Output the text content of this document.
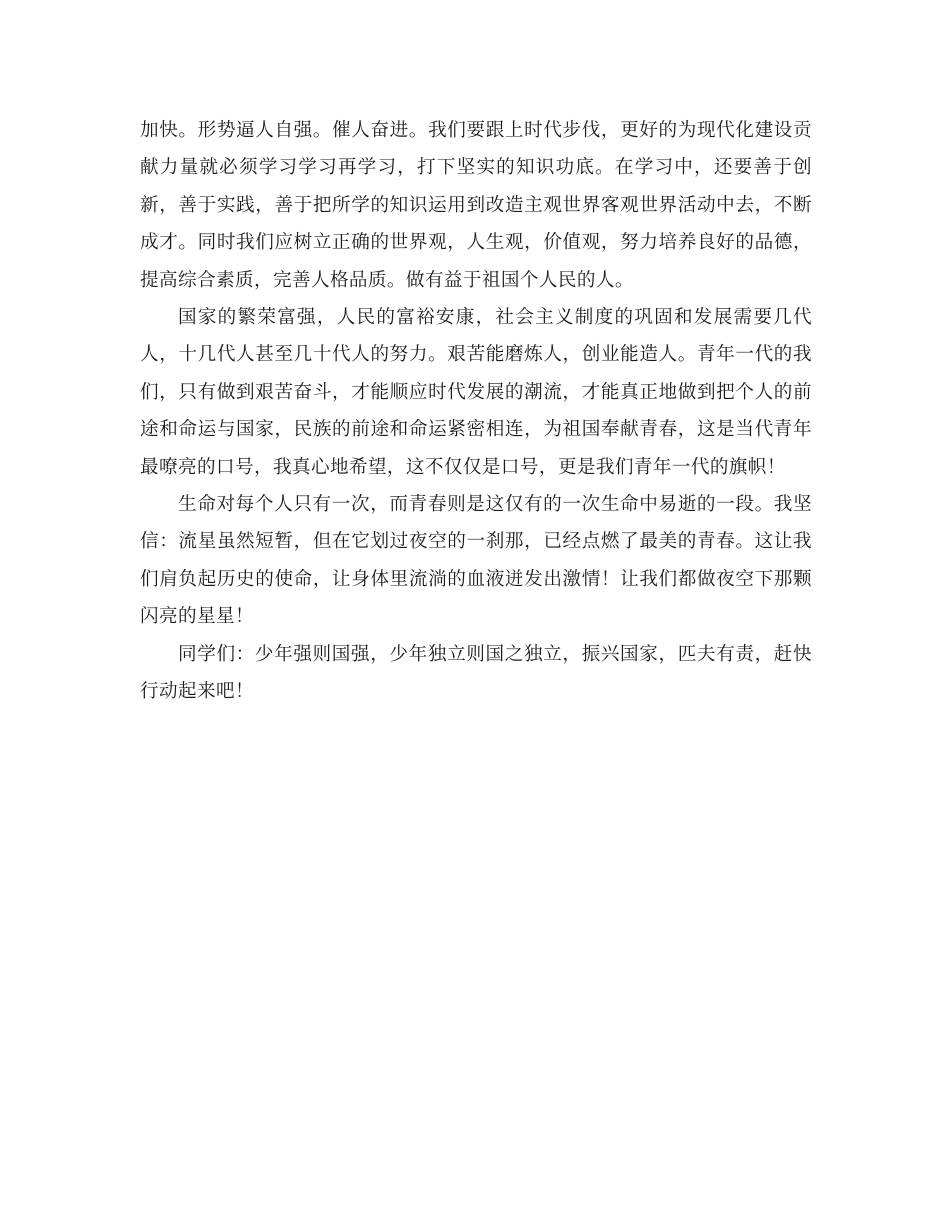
加快。形势逼人自强。催人奋进。我们要跟上时代步伐，更好的为现代化建设贡献力量就必须学习学习再学习，打下坚实的知识功底。在学习中，还要善于创新，善于实践，善于把所学的知识运用到改造主观世界客观世界活动中去，不断成才。同时我们应树立正确的世界观，人生观，价值观，努力培养良好的品德，提高综合素质，完善人格品质。做有益于祖国个人民的人。

国家的繁荣富强，人民的富裕安康，社会主义制度的巩固和发展需要几代人，十几代人甚至几十代人的努力。艰苦能磨炼人，创业能造人。青年一代的我们，只有做到艰苦奋斗，才能顺应时代发展的潮流，才能真正地做到把个人的前途和命运与国家，民族的前途和命运紧密相连，为祖国奉献青春，这是当代青年最嘹亮的口号，我真心地希望，这不仅仅是口号，更是我们青年一代的旗帜！

生命对每个人只有一次，而青春则是这仅有的一次生命中易逝的一段。我坚信：流星虽然短暂，但在它划过夜空的一刹那，已经点燃了最美的青春。这让我们肩负起历史的使命，让身体里流淌的血液迸发出激情！让我们都做夜空下那颗闪亮的星星！

同学们：少年强则国强，少年独立则国之独立，振兴国家，匹夫有责，赶快行动起来吧！
